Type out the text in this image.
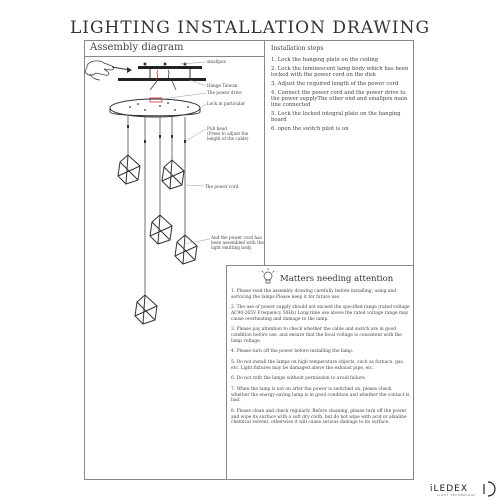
LIGHTING INSTALLATION DRAWING
Assembly diagram	Installation steps

1. Lock the hanging plate on the ceiling

2. Lock the luminescent lamp body which has been locked with the power cord on the disk

3. Adjust the required length of the power cord

4. Connect the power cord and the power drive to the power supplyThe other end and smallpox main line connected

5. Lock the locked integral plate on the hanging board

6. open the switch pilot is on

smallpox
Hange Taiwan
The power drive
Lock in particular
Pull head
(Press to adjust the length of the cable)
The power cord
And the power cord has been assembled with the light emitting body
Matters needing attention

1. Please read the assembly drawing carefully before installing, using and servicing the lamps.Please keep it for future use.

2. The use of power supply should not exceed the specified range (rated voltage AC90-265V Frequency 50Hz) Long time use above the rated voltage range may cause overheating and damage to the lamp.

3. Please pay attention to check whether the cable and switch are in good condition before use, and ensure that the local voltage is consistent with the lamp voltage.

4. Please turn off the power before installing the lamp.

5. Do not install the lamps on high temperature objects, such as furnace, gas, etc. Light fixtures may be damaged above the exhaust pipe, etc.

6. Do not refit the lamps without permission to avoid failure.

7. When the lamp is not on after the power is switched on, please check whether the energy-saving lamp is in good condition and whether the contact is bad.

8. Please clean and check regularly. Before cleaning, please turn off the power and wipe its surface with a soft dry cloth, but do not wipe with acid or alkaline chemical solvent, otherwise it will cause serious damage to its surface.

iLEDEX
LIGHT TECHNOLOGY
